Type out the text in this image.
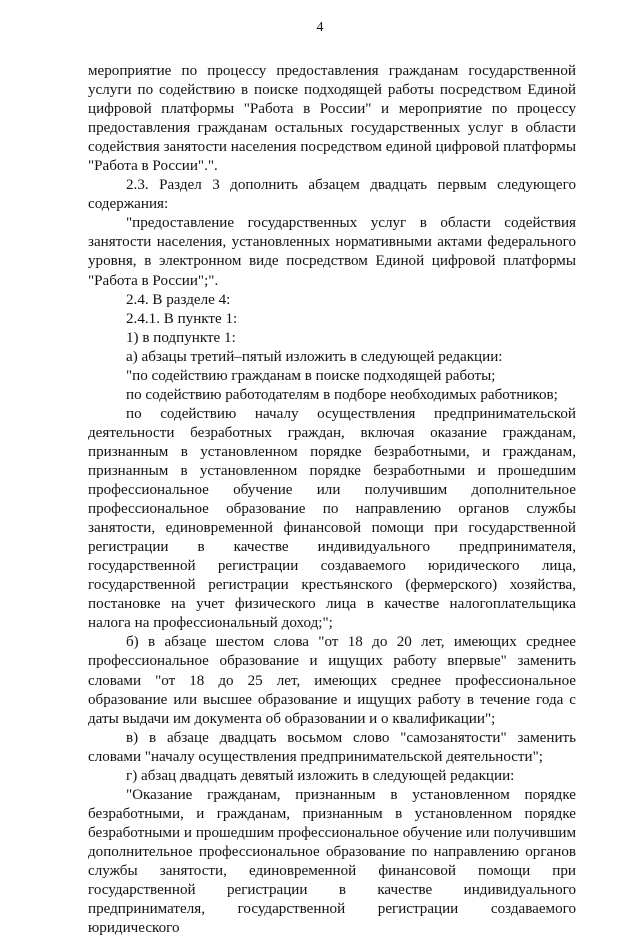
4

мероприятие по процессу предоставления гражданам государственной услуги по содействию в поиске подходящей работы посредством Единой цифровой платформы "Работа в России" и мероприятие по процессу предоставления гражданам остальных государственных услуг в области содействия занятости населения посредством единой цифровой платформы "Работа в России".".

2.3. Раздел 3 дополнить абзацем двадцать первым следующего содержания:

"предоставление государственных услуг в области содействия занятости населения, установленных нормативными актами федерального уровня, в электронном виде посредством Единой цифровой платформы "Работа в России";".

2.4. В разделе 4:

2.4.1. В пункте 1:

1) в подпункте 1:

а) абзацы третий–пятый изложить в следующей редакции:

"по содействию гражданам в поиске подходящей работы;

по содействию работодателям в подборе необходимых работников;

по содействию началу осуществления предпринимательской деятельности безработных граждан, включая оказание гражданам, признанным в установленном порядке безработными, и гражданам, признанным в установленном порядке безработными и прошедшим профессиональное обучение или получившим дополнительное профессиональное образование по направлению органов службы занятости, единовременной финансовой помощи при государственной регистрации в качестве индивидуального предпринимателя, государственной регистрации создаваемого юридического лица, государственной регистрации крестьянского (фермерского) хозяйства, постановке на учет физического лица в качестве налогоплательщика налога на профессиональный доход;";

б) в абзаце шестом слова "от 18 до 20 лет, имеющих среднее профессиональное образование и ищущих работу впервые" заменить словами "от 18 до 25 лет, имеющих среднее профессиональное образование или высшее образование и ищущих работу в течение года с даты выдачи им документа об образовании и о квалификации";

в) в абзаце двадцать восьмом слово "самозанятости" заменить словами "началу осуществления предпринимательской деятельности";

г) абзац двадцать девятый изложить в следующей редакции:

"Оказание гражданам, признанным в установленном порядке безработными, и гражданам, признанным в установленном порядке безработными и прошедшим профессиональное обучение или получившим дополнительное профессиональное образование по направлению органов службы занятости, единовременной финансовой помощи при государственной регистрации в качестве индивидуального предпринимателя, государственной регистрации создаваемого юридического
